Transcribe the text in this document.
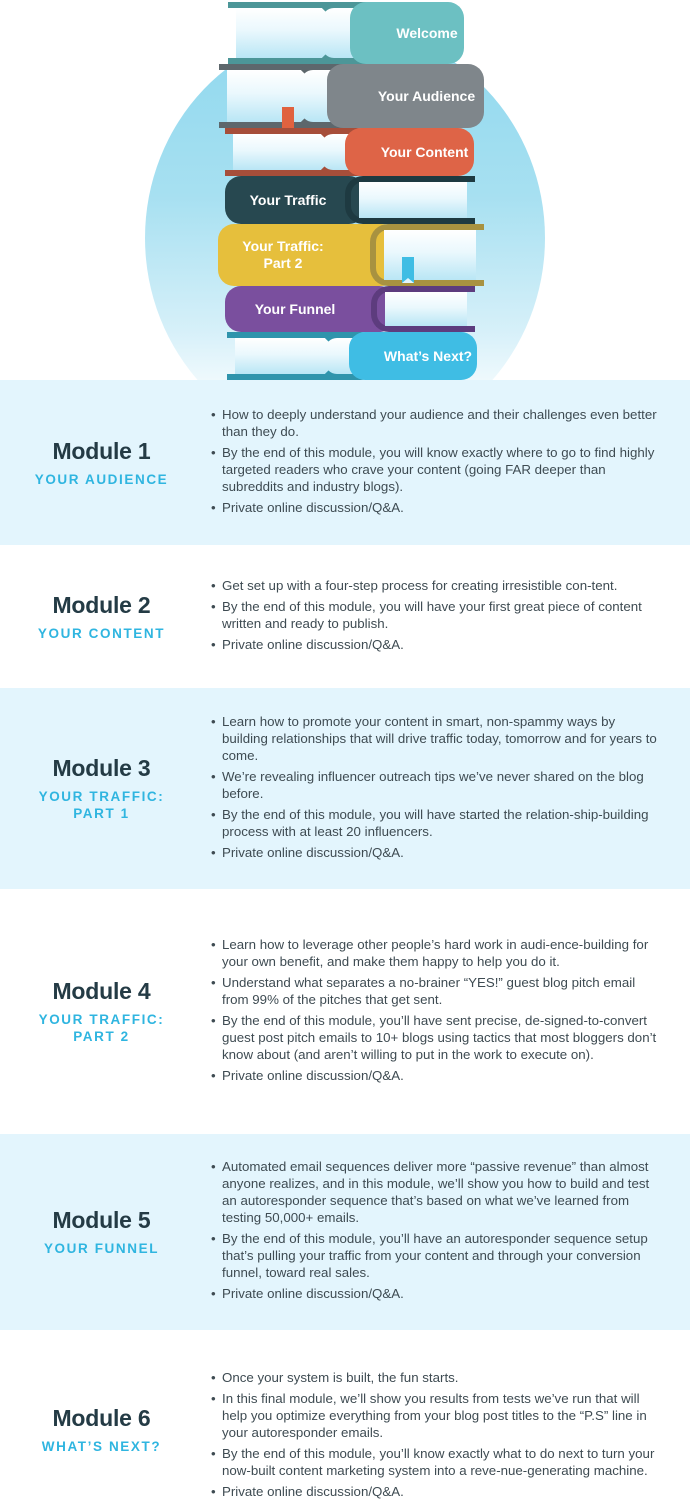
Welcome
Your Audience
Your Content
Your Traffic
Your Traffic: Part 2
Your Funnel
What’s Next?
Module 1
YOUR AUDIENCE
• How to deeply understand your audience and their challenges even better than they do.
• By the end of this module, you will know exactly where to go to find highly targeted readers who crave your content (going FAR deeper than subreddits and industry blogs).
• Private online discussion/Q&A.
Module 2
YOUR CONTENT
• Get set up with a four-step process for creating irresistible con-tent.
• By the end of this module, you will have your first great piece of content written and ready to publish.
• Private online discussion/Q&A.
Module 3
YOUR TRAFFIC:
PART 1
• Learn how to promote your content in smart, non-spammy ways by building relationships that will drive traffic today, tomorrow and for years to come.
• We’re revealing influencer outreach tips we’ve never shared on the blog before.
• By the end of this module, you will have started the relation-ship-building process with at least 20 influencers.
• Private online discussion/Q&A.
Module 4
YOUR TRAFFIC:
PART 2
• Learn how to leverage other people’s hard work in audi-ence-building for your own benefit, and make them happy to help you do it.
• Understand what separates a no-brainer “YES!” guest blog pitch email from 99% of the pitches that get sent.
• By the end of this module, you’ll have sent precise, de-signed-to-convert guest post pitch emails to 10+ blogs using tactics that most bloggers don’t know about (and aren’t willing to put in the work to execute on).
• Private online discussion/Q&A.
Module 5
YOUR FUNNEL
• Automated email sequences deliver more “passive revenue” than almost anyone realizes, and in this module, we’ll show you how to build and test an autoresponder sequence that’s based on what we’ve learned from testing 50,000+ emails.
• By the end of this module, you’ll have an autoresponder sequence setup that’s pulling your traffic from your content and through your conversion funnel, toward real sales.
• Private online discussion/Q&A.
Module 6
WHAT’S NEXT?
• Once your system is built, the fun starts.
• In this final module, we’ll show you results from tests we’ve run that will help you optimize everything from your blog post titles to the “P.S” line in your autoresponder emails.
• By the end of this module, you’ll know exactly what to do next to turn your now-built content marketing system into a reve-nue-generating machine.
• Private online discussion/Q&A.
